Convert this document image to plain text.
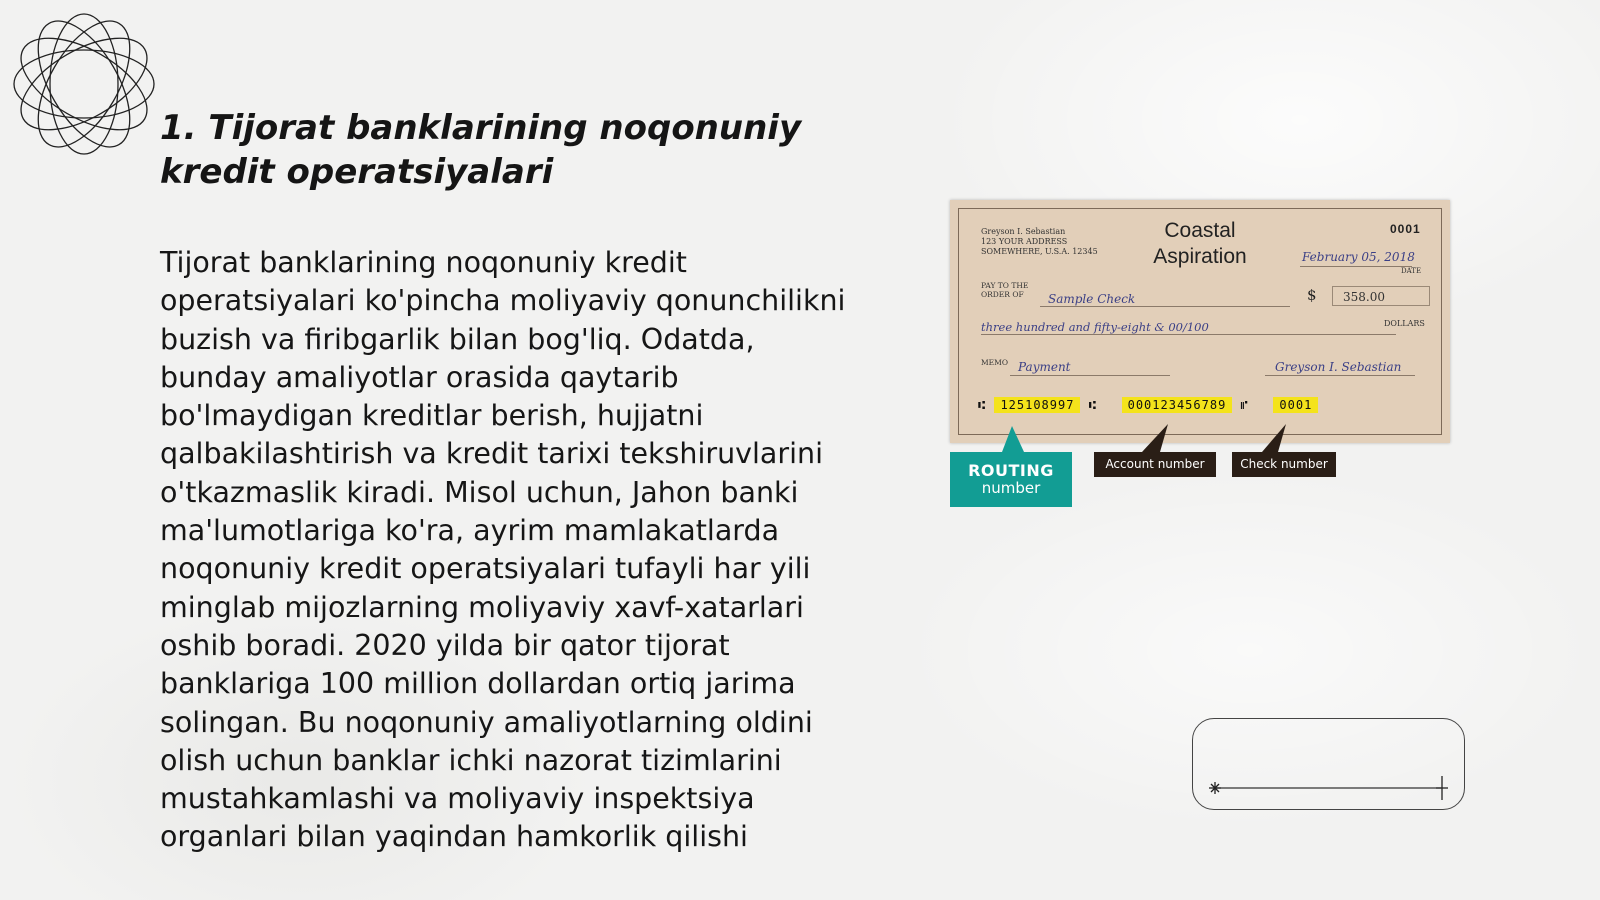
1. Tijorat banklarining noqonuniy kredit operatsiyalari

Tijorat banklarining noqonuniy kredit operatsiyalari ko'pincha moliyaviy qonunchilikni buzish va firibgarlik bilan bog'liq. Odatda, bunday amaliyotlar orasida qaytarib bo'lmaydigan kreditlar berish, hujjatni qalbakilashtirish va kredit tarixi tekshiruvlarini o'tkazmaslik kiradi. Misol uchun, Jahon banki ma'lumotlariga ko'ra, ayrim mamlakatlarda noqonuniy kredit operatsiyalari tufayli har yili minglab mijozlarning moliyaviy xavf-xatarlari oshib boradi. 2020 yilda bir qator tijorat banklariga 100 million dollardan ortiq jarima solingan. Bu noqonuniy amaliyotlarning oldini olish uchun banklar ichki nazorat tizimlarini mustahkamlashi va moliyaviy inspektsiya organlari bilan yaqindan hamkorlik qilishi

Greyson I. Sebastian
123 YOUR ADDRESS
SOMEWHERE, U.S.A. 12345
Coastal
Aspiration
0001
February 05, 2018
DATE
PAY TO THE
ORDER OF	Sample Check	$	358.00
three hundred and fifty-eight & 00/100	DOLLARS
MEMO Payment	Greyson I. Sebastian
⑆ 125108997 ⑆	000123456789 ⑈	0001
ROUTING
number
Account number	Check number
